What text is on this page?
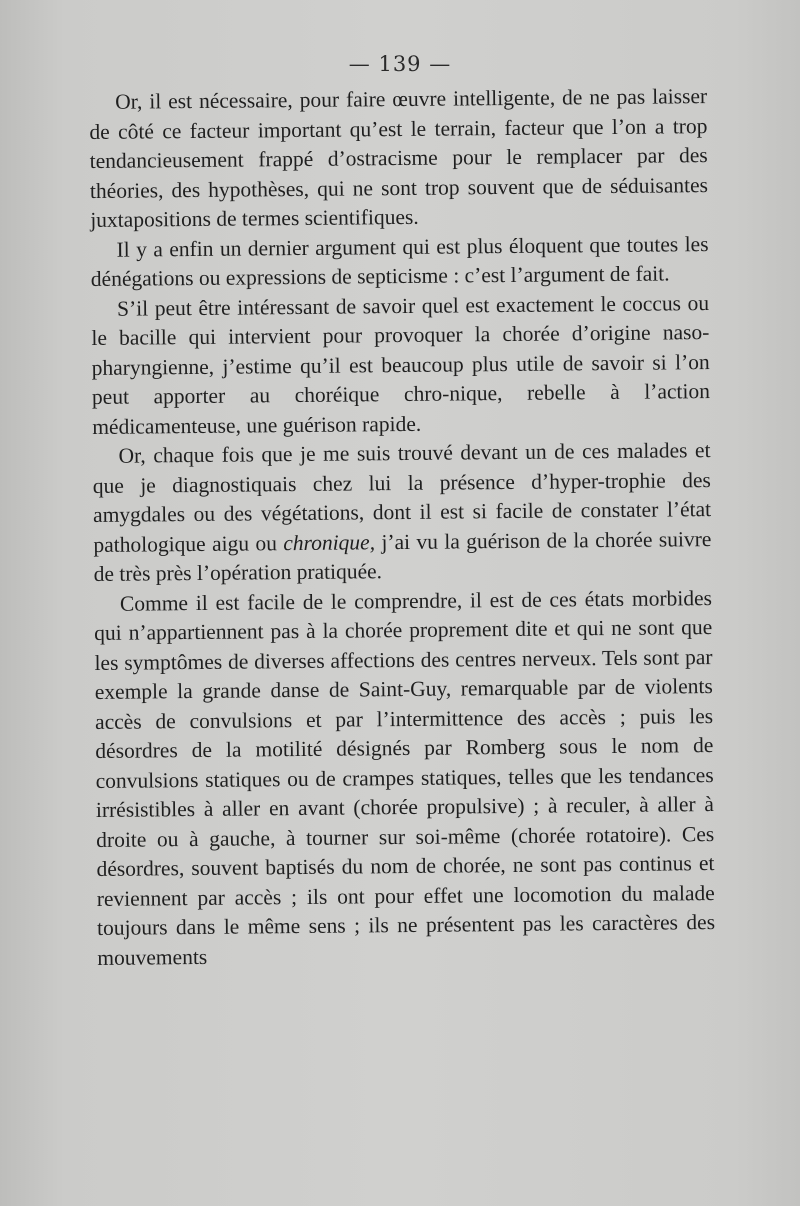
— 139 —

Or, il est nécessaire, pour faire œuvre intelligente, de ne pas laisser de côté ce facteur important qu’est le terrain, facteur que l’on a trop tendancieusement frappé d’ostracisme pour le remplacer par des théories, des hypothèses, qui ne sont trop souvent que de séduisantes juxtapositions de termes scientifiques.

Il y a enfin un dernier argument qui est plus éloquent que toutes les dénégations ou expressions de septicisme : c’est l’argument de fait.

S’il peut être intéressant de savoir quel est exactement le coccus ou le bacille qui intervient pour provoquer la chorée d’origine naso-pharyngienne, j’estime qu’il est beaucoup plus utile de savoir si l’on peut apporter au choréique chro-nique, rebelle à l’action médicamenteuse, une guérison rapide.

Or, chaque fois que je me suis trouvé devant un de ces malades et que je diagnostiquais chez lui la présence d’hyper-trophie des amygdales ou des végétations, dont il est si facile de constater l’état pathologique aigu ou chronique, j’ai vu la guérison de la chorée suivre de très près l’opération pratiquée.

Comme il est facile de le comprendre, il est de ces états morbides qui n’appartiennent pas à la chorée proprement dite et qui ne sont que les symptômes de diverses affections des centres nerveux. Tels sont par exemple la grande danse de Saint-Guy, remarquable par de violents accès de convulsions et par l’intermittence des accès ; puis les désordres de la motilité désignés par Romberg sous le nom de convulsions statiques ou de crampes statiques, telles que les tendances irrésistibles à aller en avant (chorée propulsive) ; à reculer, à aller à droite ou à gauche, à tourner sur soi-même (chorée rotatoire). Ces désordres, souvent baptisés du nom de chorée, ne sont pas continus et reviennent par accès ; ils ont pour effet une locomotion du malade toujours dans le même sens ; ils ne présentent pas les caractères des mouvements
